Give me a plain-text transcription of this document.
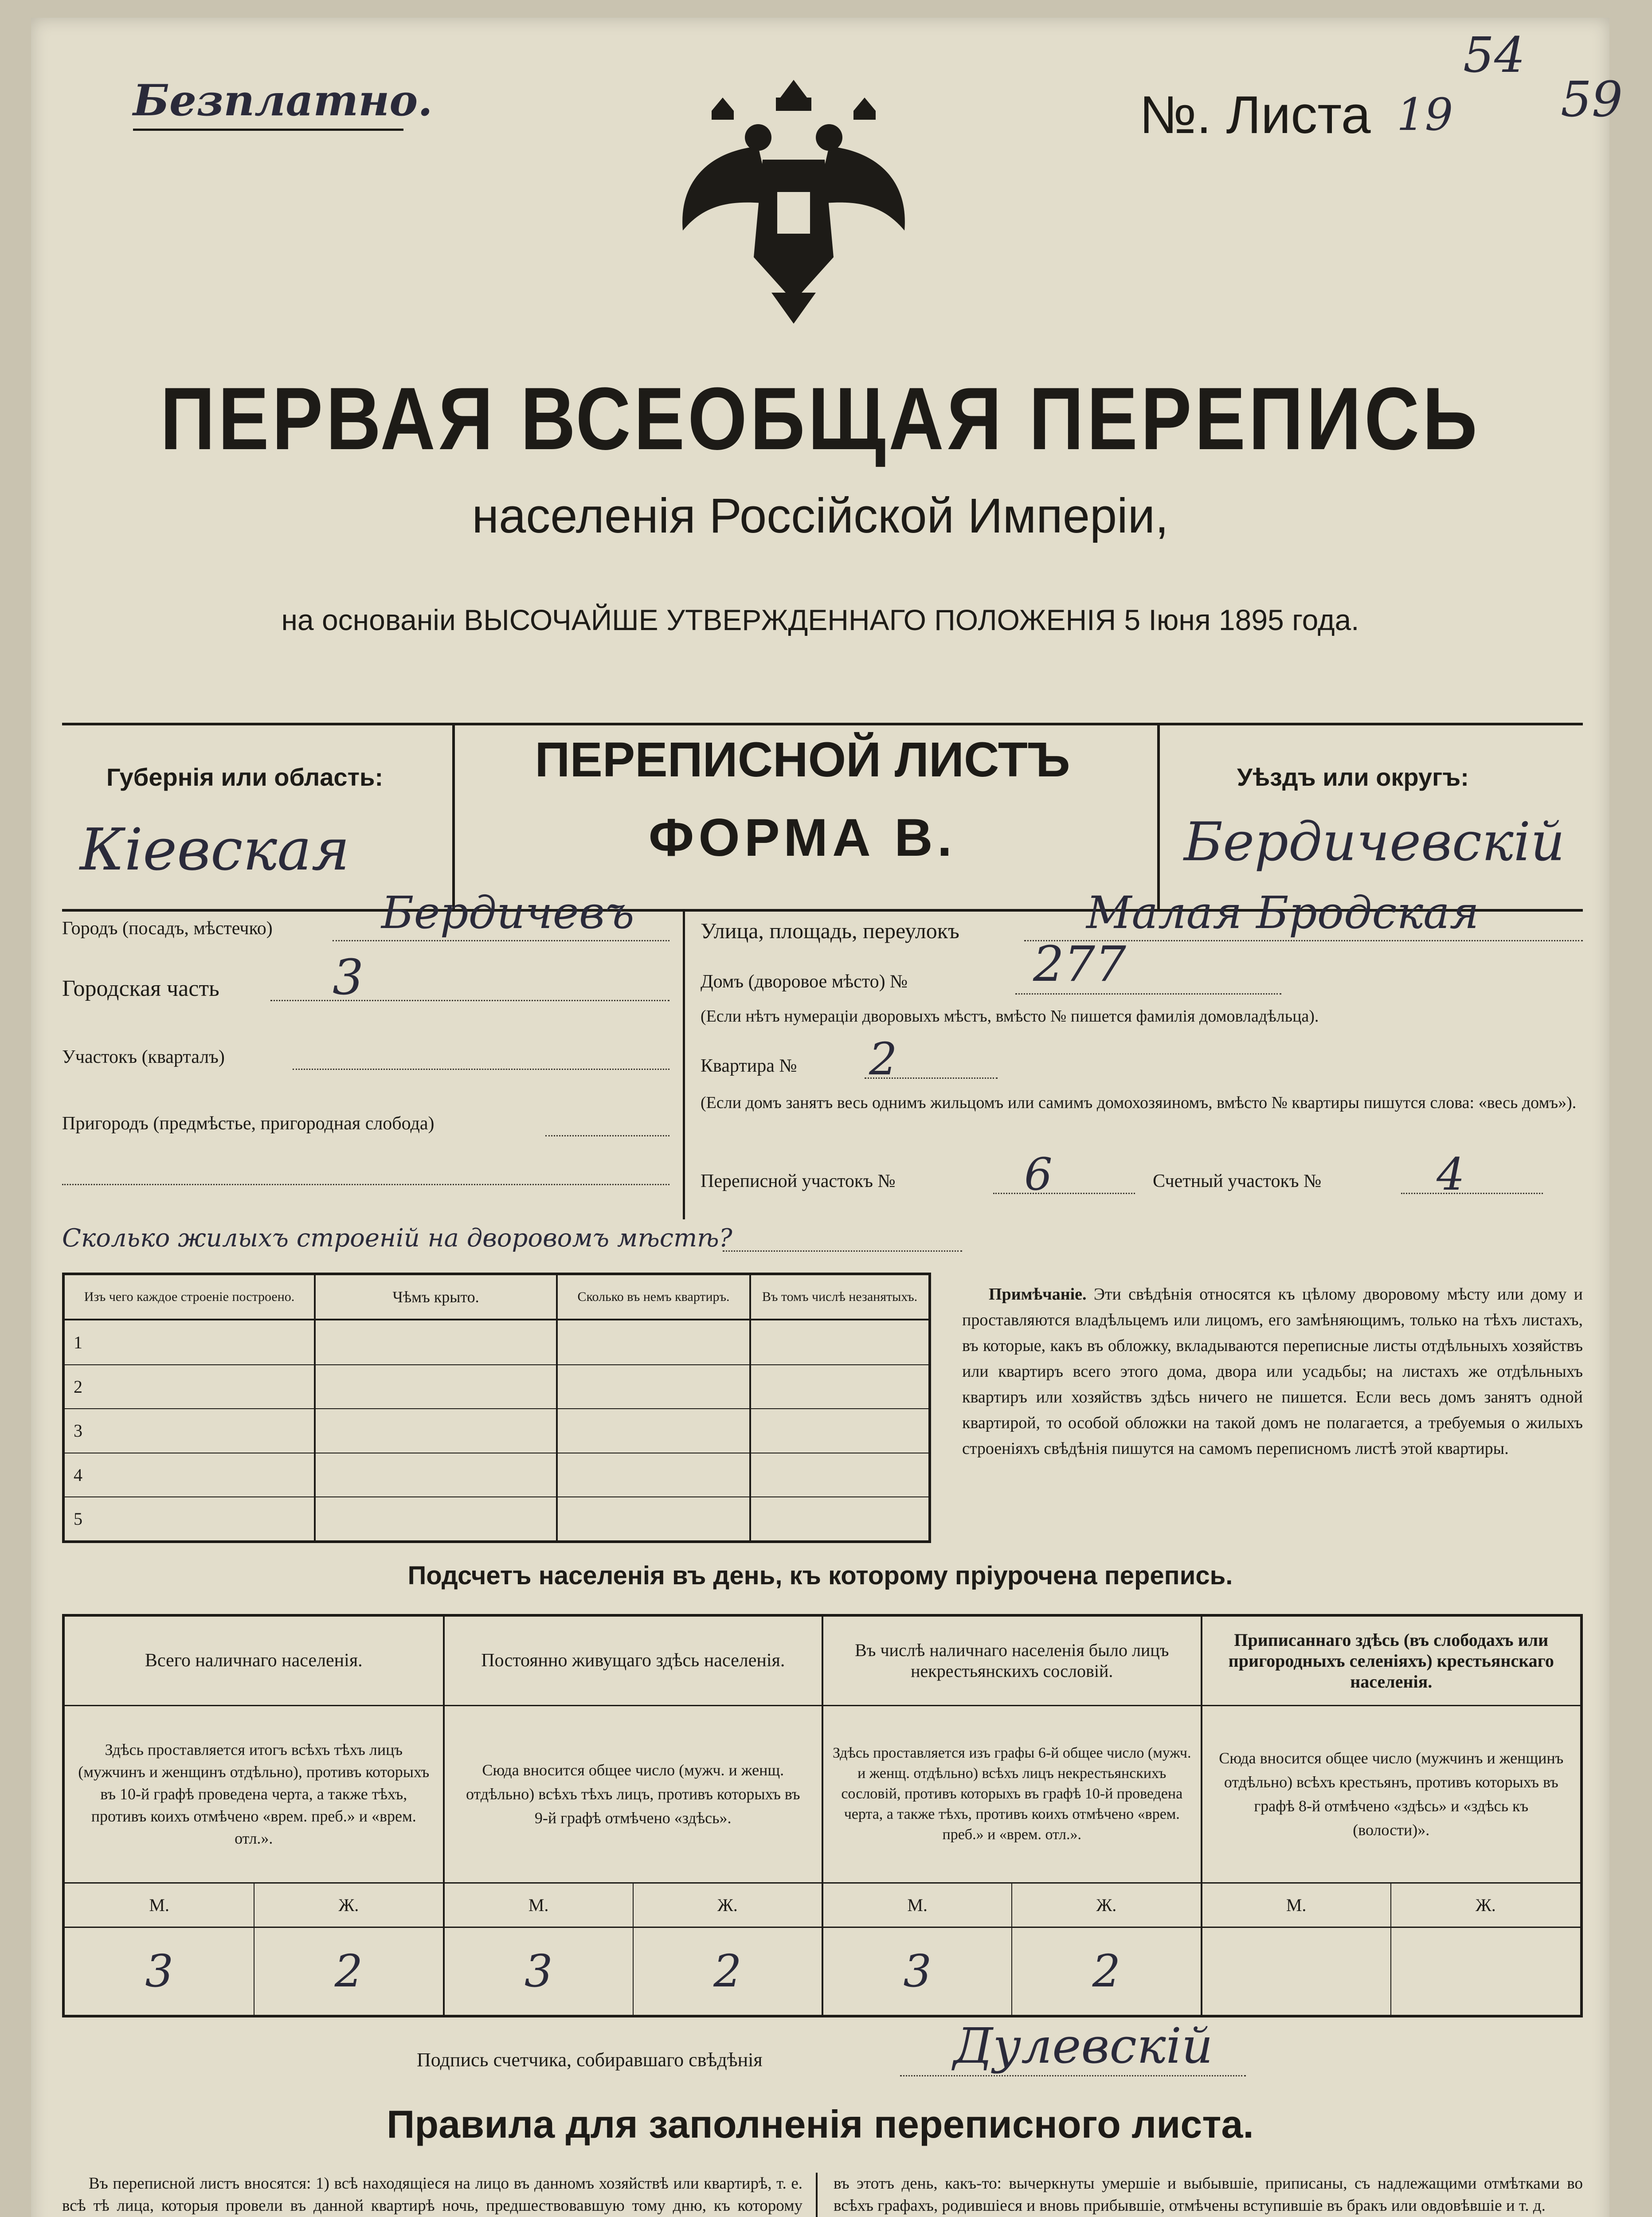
Безплатно.	№. Листа 19
54
59
ПЕРВАЯ ВСЕОБЩАЯ ПЕРЕПИСЬ
населенія Россійской Имперіи,
на основаніи ВЫСОЧАЙШЕ УТВЕРЖДЕННАГО ПОЛОЖЕНІЯ 5 Іюня 1895 года.
Губернія или область:
Кіевская
ПЕРЕПИСНОЙ ЛИСТЪ
ФОРМА В.
Уѣздъ или округъ:
Бердичевскій
Городъ (посадъ, мѣстечко) Бердичевъ
Городская часть 3
Участокъ (кварталъ)
Пригородъ (предмѣстье, пригородная слобода)
Улица, площадь, переулокъ	Малая Бродская
Домъ (дворовое мѣсто) №	277
(Если нѣтъ нумераціи дворовыхъ мѣстъ, вмѣсто № пишется фамилія домовладѣльца).
Квартира № 2
(Если домъ занятъ весь однимъ жильцомъ или самимъ домохозяиномъ, вмѣсто № квартиры пишутся слова: «весь домъ»).
Переписной участокъ №	6	Счетный участокъ №	4
Сколько жилыхъ строеній на дворовомъ мѣстѣ?
Изъ чего каждое строеніе построено.	Чѣмъ крыто.	Сколько въ немъ квартиръ.	Въ томъ числѣ незанятыхъ.
1			
2			
3			
4			
5			
Примѣчаніе. Эти свѣдѣнія относятся къ цѣлому дворовому мѣсту или дому и проставляются владѣльцемъ или лицомъ, его замѣняющимъ, только на тѣхъ листахъ, въ которые, какъ въ обложку, вкладываются переписные листы отдѣльныхъ хозяйствъ или квартиръ всего этого дома, двора или усадьбы; на листахъ же отдѣльныхъ квартиръ или хозяйствъ здѣсь ничего не пишется. Если весь домъ занятъ одной квартирой, то особой обложки на такой домъ не полагается, а требуемыя о жилыхъ строеніяхъ свѣдѣнія пишутся на самомъ переписномъ листѣ этой квартиры.
Подсчетъ населенія въ день, къ которому пріурочена перепись.
Всего наличнаго населенія.		Постоянно живущаго здѣсь населенія.		Въ числѣ наличнаго населенія было лицъ некрестьянскихъ сословій.		Приписаннаго здѣсь (въ слободахъ или пригородныхъ селеніяхъ) крестьянскаго населенія.	
Здѣсь проставляется итогъ всѣхъ тѣхъ лицъ (мужчинъ и женщинъ отдѣльно), противъ которыхъ въ 10-й графѣ проведена черта, а также тѣхъ, противъ коихъ отмѣчено «врем. преб.» и «врем. отл.».		Сюда вносится общее число (мужч. и женщ. отдѣльно) всѣхъ тѣхъ лицъ, противъ которыхъ въ 9-й графѣ отмѣчено «здѣсь».		Здѣсь проставляется изъ графы 6-й общее число (мужч. и женщ. отдѣльно) всѣхъ лицъ некрестьянскихъ сословій, противъ которыхъ въ графѣ 10-й проведена черта, а также тѣхъ, противъ коихъ отмѣчено «врем. преб.» и «врем. отл.».		Сюда вносится общее число (мужчинъ и женщинъ отдѣльно) всѣхъ крестьянъ, противъ которыхъ въ графѣ 8-й отмѣчено «здѣсь» и «здѣсь къ (волости)».	
М.	Ж.	М.	Ж.	М.	Ж.	М.	Ж.
3	2	3	2	3	2		
Подпись счетчика, собиравшаго свѣдѣнія	Дулевскій
Правила для заполненія переписного листа.
Въ переписной листъ вносятся: 1) всѣ находящіеся на лицо въ данномъ хозяйствѣ или квартирѣ, т. е. всѣ тѣ лица, которыя провели въ данной квартирѣ ночь, предшествовавшую тому дню, къ которому
въ этотъ день, какъ-то: вычеркнуты умершіе и выбывшіе, приписаны, съ надлежащими отмѣтками во всѣхъ графахъ, родившіеся и вновь прибывшіе, отмѣчены вступившіе въ бракъ или овдовѣвшіе и т. д.
